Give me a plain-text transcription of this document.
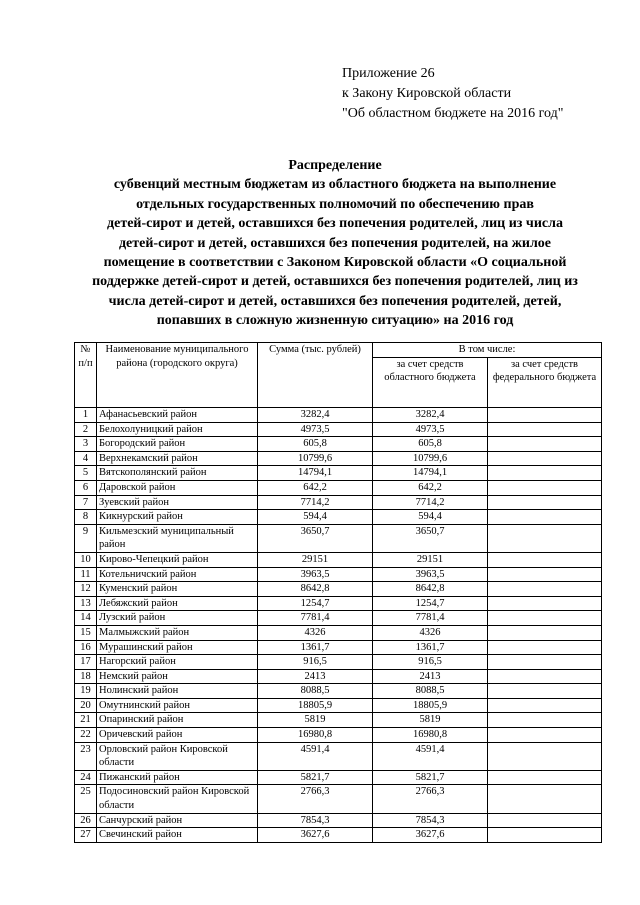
Приложение 26
к Закону Кировской области
"Об областном бюджете на 2016 год"
Распределение
субвенций местным бюджетам из областного бюджета на выполнение
отдельных государственных полномочий по обеспечению прав
детей-сирот и детей, оставшихся без попечения родителей, лиц из числа
детей-сирот и детей, оставшихся без попечения родителей, на жилое
помещение в соответствии с Законом Кировской области «О социальной
поддержке детей-сирот и детей, оставшихся без попечения родителей, лиц из
числа детей-сирот и детей, оставшихся без попечения родителей, детей,
попавших в сложную жизненную ситуацию» на 2016 год
№ п/п	Наименование муниципального района (городского округа)	Сумма (тыс. рублей)	В том числе:	
			за счет средств областного бюджета	за счет средств федерального бюджета
1	Афанасьевский район	3282,4	3282,4	
2	Белохолуницкий район	4973,5	4973,5	
3	Богородский район	605,8	605,8	
4	Верхнекамский район	10799,6	10799,6	
5	Вятскополянский район	14794,1	14794,1	
6	Даровской район	642,2	642,2	
7	Зуевский район	7714,2	7714,2	
8	Кикнурский район	594,4	594,4	
9	Кильмезский муниципальный район	3650,7	3650,7	
10	Кирово-Чепецкий район	29151	29151	
11	Котельничский район	3963,5	3963,5	
12	Куменский район	8642,8	8642,8	
13	Лебяжский район	1254,7	1254,7	
14	Лузский район	7781,4	7781,4	
15	Малмыжский район	4326	4326	
16	Мурашинский район	1361,7	1361,7	
17	Нагорский район	916,5	916,5	
18	Немский район	2413	2413	
19	Нолинский район	8088,5	8088,5	
20	Омутнинский район	18805,9	18805,9	
21	Опаринский район	5819	5819	
22	Оричевский район	16980,8	16980,8	
23	Орловский район Кировской области	4591,4	4591,4	
24	Пижанский район	5821,7	5821,7	
25	Подосиновский район Кировской области	2766,3	2766,3	
26	Санчурский район	7854,3	7854,3	
27	Свечинский район	3627,6	3627,6	
